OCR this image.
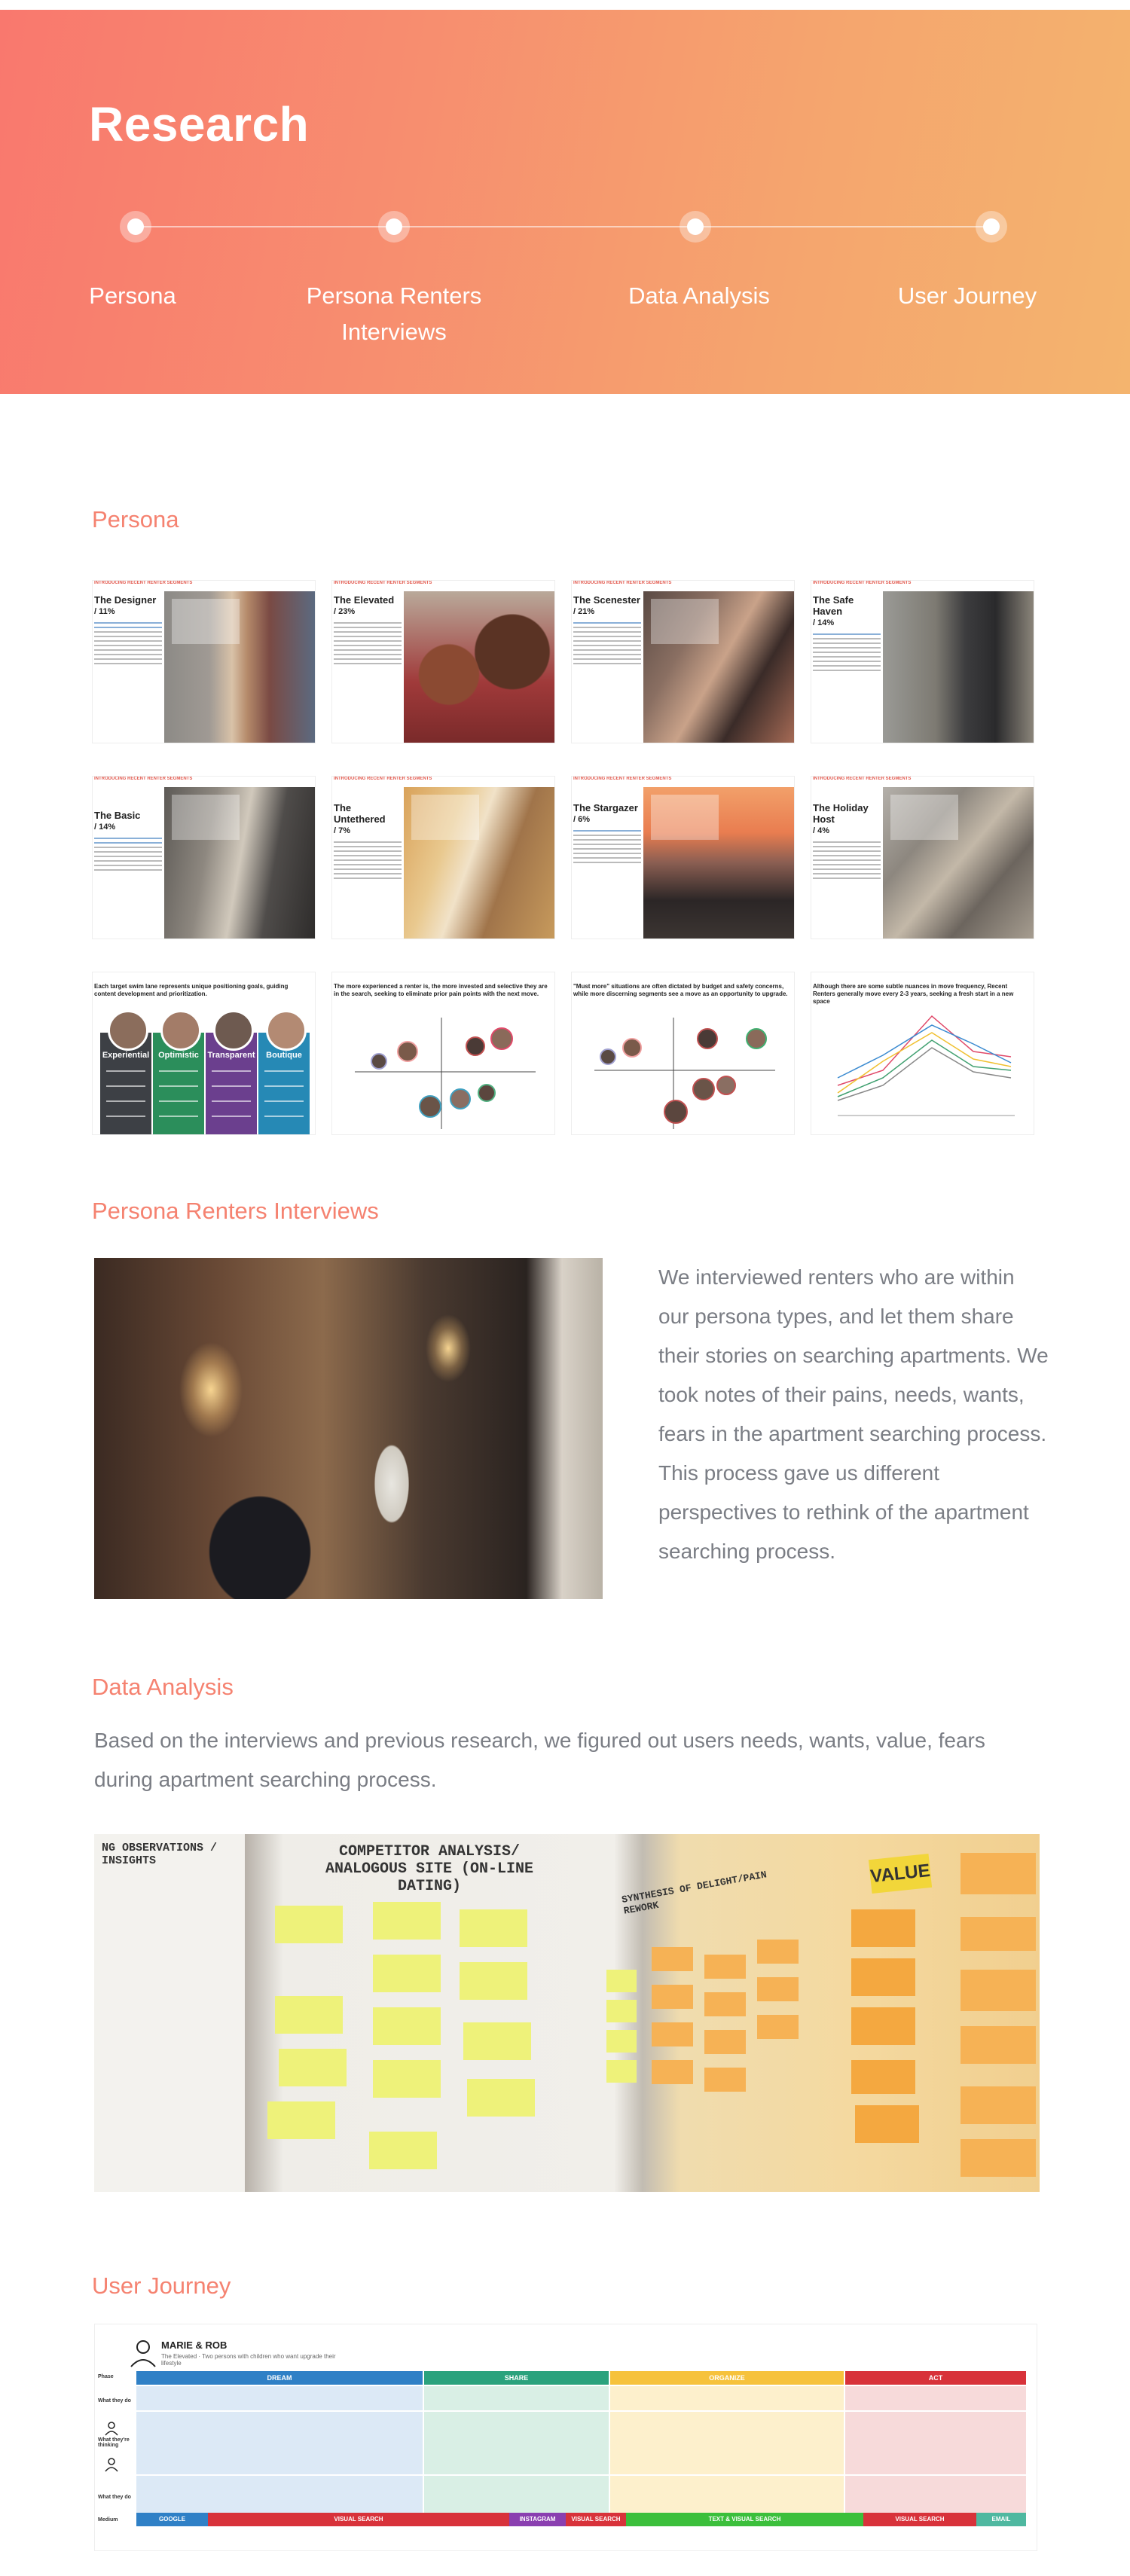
Research
Persona	Persona Renters Interviews
Data Analysis	User Journey
Persona
INTRODUCING RECENT RENTER SEGMENTS
The Designer
/ 11%
INTRODUCING RECENT RENTER SEGMENTS
The Elevated
/ 23%
INTRODUCING RECENT RENTER SEGMENTS
The Scenester
/ 21%
INTRODUCING RECENT RENTER SEGMENTS
The Safe Haven
/ 14%
INTRODUCING RECENT RENTER SEGMENTS
The Basic
/ 14%
INTRODUCING RECENT RENTER SEGMENTS
The Untethered
/ 7%
INTRODUCING RECENT RENTER SEGMENTS
The Stargazer
/ 6%
INTRODUCING RECENT RENTER SEGMENTS
The Holiday Host
/ 4%
Each target swim lane represents unique positioning goals, guiding content development and prioritization.
Experiential	Optimistic	Transparent	Boutique
The more experienced a renter is, the more invested and selective they are in the search, seeking to eliminate prior pain points with the next move.
"Must more" situations are often dictated by budget and safety concerns, while more discerning segments see a move as an opportunity to upgrade.
Although there are some subtle nuances in move frequency, Recent Renters generally move every 2-3 years, seeking a fresh start in a new space
Persona Renters Interviews
We interviewed renters who are within our persona types, and let them share their stories on searching apartments. We took notes of their pains, needs, wants, fears in the apartment searching process. This process gave us different perspectives to rethink of the apartment searching process.
Data Analysis
Based on the interviews and previous research, we figured out users needs, wants, value, fears during apartment searching process.
NG OBSERVATIONS / INSIGHTS
COMPETITOR ANALYSIS/ ANALOGOUS SITE (ON-LINE DATING)	SYNTHESIS OF DELIGHT/PAIN REWORK
VALUE
User Journey
MARIE & ROB
The Elevated · Two persons with children who want upgrade their lifestyle
Phase
What they do
What they're thinking
What they do
Medium
DREAM	SHARE	ORGANIZE	ACT
GOOGLE	VISUAL SEARCH	INSTAGRAM	VISUAL SEARCH	TEXT & VISUAL SEARCH	VISUAL SEARCH	EMAIL
